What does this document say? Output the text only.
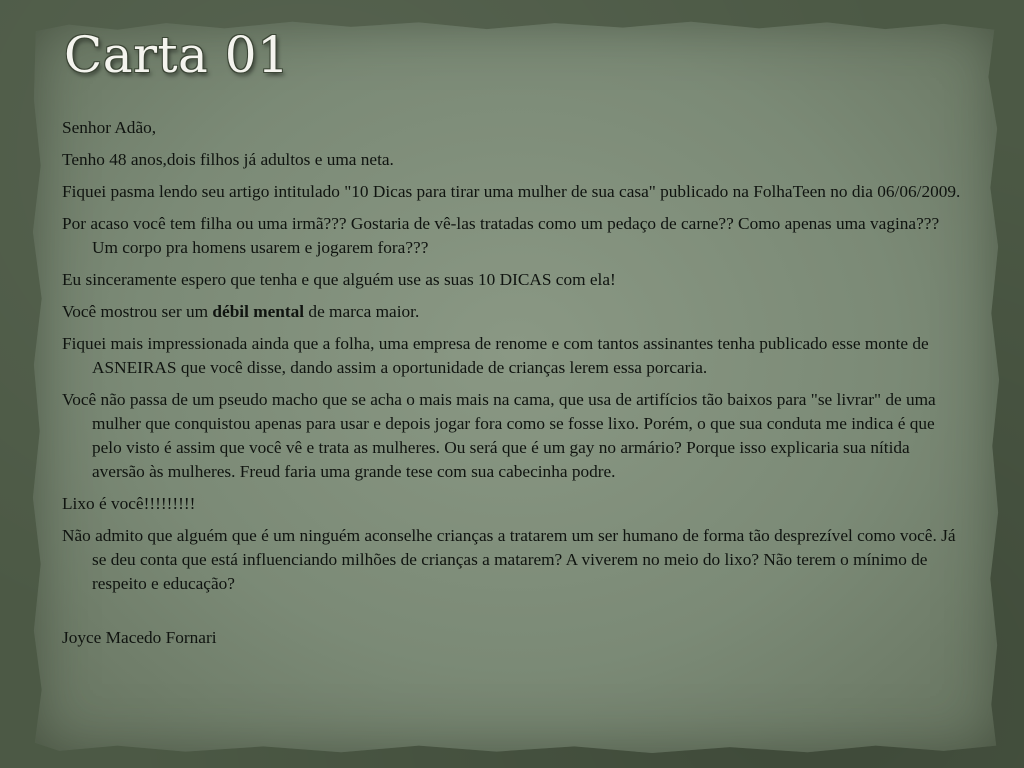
Carta 01

Senhor Adão,

Tenho 48 anos,dois filhos já adultos e uma neta.

Fiquei pasma lendo seu artigo intitulado "10 Dicas para tirar uma mulher de sua casa" publicado na FolhaTeen no dia 06/06/2009.

Por acaso você tem filha ou uma irmã??? Gostaria de vê-las tratadas como um pedaço de carne?? Como apenas uma vagina??? Um corpo pra homens usarem e jogarem fora???

Eu sinceramente espero que tenha e que alguém use as suas 10 DICAS com ela!

Você mostrou ser um débil mental de marca maior.

Fiquei mais impressionada ainda que a folha, uma empresa de renome e com tantos assinantes tenha publicado esse monte de ASNEIRAS que você disse, dando assim a oportunidade de crianças lerem essa porcaria.

Você não passa de um pseudo macho que se acha o mais mais na cama, que usa de artifícios tão baixos para "se livrar" de uma mulher que conquistou apenas para usar e depois jogar fora como se fosse lixo. Porém, o que sua conduta me indica é que pelo visto é assim que você vê e trata as mulheres. Ou será que é um gay no armário? Porque isso explicaria sua nítida aversão às mulheres. Freud faria uma grande tese com sua cabecinha podre.

Lixo é você!!!!!!!!!

Não admito que alguém que é um ninguém aconselhe crianças a tratarem um ser humano de forma tão desprezível como você. Já se deu conta que está influenciando milhões de crianças a matarem? A viverem no meio do lixo? Não terem o mínimo de respeito e educação?

Joyce Macedo Fornari
